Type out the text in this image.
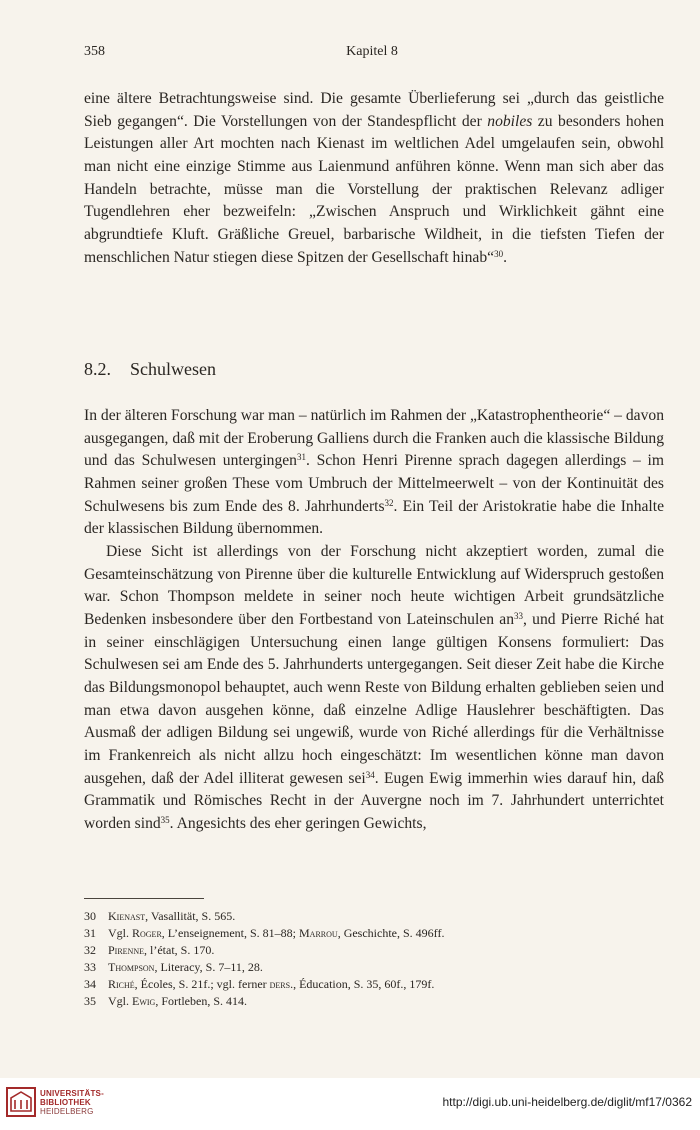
358	Kapitel 8

eine ältere Betrachtungsweise sind. Die gesamte Überlieferung sei „durch das geistliche Sieb gegangen“. Die Vorstellungen von der Standespflicht der nobiles zu besonders hohen Leistungen aller Art mochten nach Kienast im weltlichen Adel umgelaufen sein, obwohl man nicht eine einzige Stimme aus Laienmund anführen könne. Wenn man sich aber das Handeln betrachte, müsse man die Vorstellung der praktischen Relevanz adliger Tugendlehren eher bezweifeln: „Zwischen Anspruch und Wirklichkeit gähnt eine abgrundtiefe Kluft. Gräßliche Greuel, barbarische Wildheit, in die tiefsten Tiefen der menschlichen Natur stiegen diese Spitzen der Gesellschaft hinab“$^{30}$.

8.2. Schulwesen

In der älteren Forschung war man – natürlich im Rahmen der „Katastrophentheorie“ – davon ausgegangen, daß mit der Eroberung Galliens durch die Franken auch die klassische Bildung und das Schulwesen untergingen$^{31}$. Schon Henri Pirenne sprach dagegen allerdings – im Rahmen seiner großen These vom Umbruch der Mittelmeerwelt – von der Kontinuität des Schulwesens bis zum Ende des 8. Jahrhunderts$^{32}$. Ein Teil der Aristokratie habe die Inhalte der klassischen Bildung übernommen.

Diese Sicht ist allerdings von der Forschung nicht akzeptiert worden, zumal die Gesamteinschätzung von Pirenne über die kulturelle Entwicklung auf Widerspruch gestoßen war. Schon Thompson meldete in seiner noch heute wichtigen Arbeit grundsätzliche Bedenken insbesondere über den Fortbestand von Lateinschulen $an^{33}$, und Pierre Riché hat in seiner einschlägigen Untersuchung einen lange gültigen Konsens formuliert: Das Schulwesen sei am Ende des 5. Jahrhunderts untergegangen. Seit dieser Zeit habe die Kirche das Bildungsmonopol behauptet, auch wenn Reste von Bildung erhalten geblieben seien und man etwa davon ausgehen könne, daß einzelne Adlige Hauslehrer beschäftigten. Das Ausmaß der adligen Bildung sei ungewiß, wurde von Riché allerdings für die Verhältnisse im Frankenreich als nicht allzu hoch eingeschätzt: Im wesentlichen könne man davon ausgehen, daß der Adel illiterat gewesen sei$^{34}$. Eugen Ewig immerhin wies darauf hin, daß Grammatik und Römisches Recht in der Auvergne noch im 7. Jahrhundert unterrichtet worden sind$^{35}$. Angesichts des eher geringen Gewichts,

30 Kienast, Vasallität, S. 565.
31 Vgl. Roger, L’enseignement, S. 81–88; Marrou, Geschichte, S. 496ff.
32 Pirenne, l’état, S. 170.
33 Thompson, Literacy, S. 7–11, 28.
34 Riché, Écoles, S. 21f.; vgl. ferner ders., Éducation, S. 35, 60f., 179f.
35 Vgl. Ewig, Fortleben, S. 414.
UNIVERSITÄTS-
BIBLIOTHEK
HEIDELBERG
http://digi.ub.uni-heidelberg.de/diglit/mf17/0362
